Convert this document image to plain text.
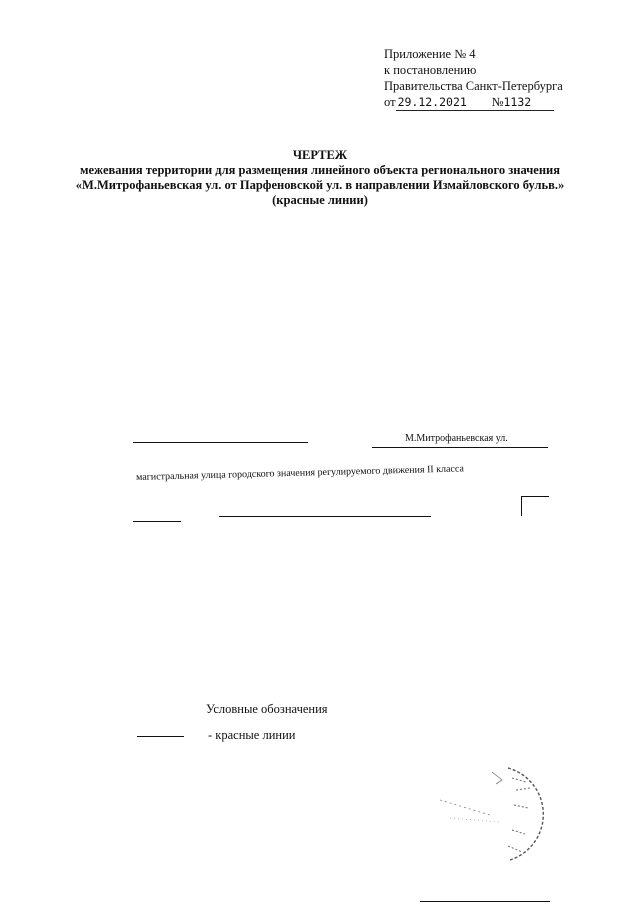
Приложение № 4
к постановлению
Правительства Санкт-Петербурга
от 29.12.2021 №1132
ЧЕРТЕЖ
межевания территории для размещения линейного объекта регионального значения
«М.Митрофаньевская ул. от Парфеновской ул. в направлении Измайловского бульв.»
(красные линии)
М.Митрофаньевская ул.
магистральная улица городского значения регулируемого движения II класса
Условные обозначения
- красные линии
